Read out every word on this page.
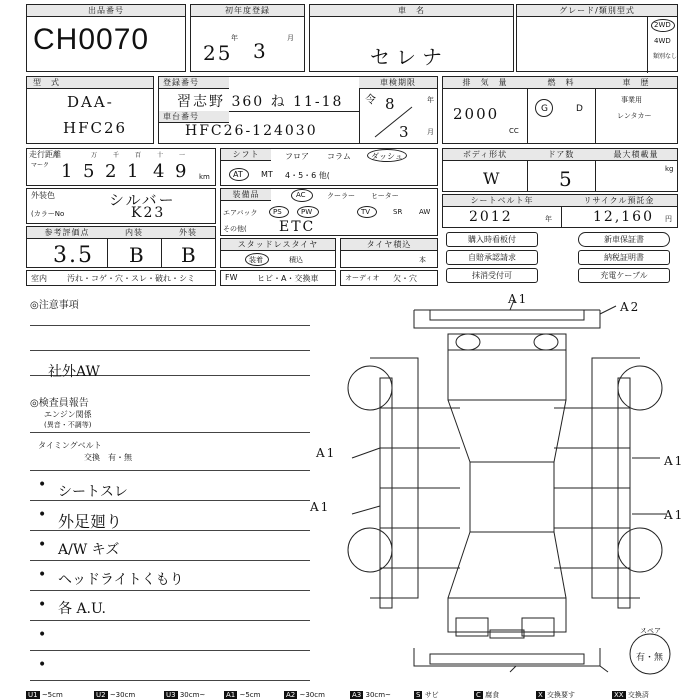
出品番号
CH0070
初年度登録
25
年
3
月
車　名
セレナ
グレード/類別型式
2WD
4WD
類別なし
型　式
DAA-
HFC26
登録番号
習志野 360 ね 11-18
車台番号
HFC26-124030
車検期限
令 8	年
3 月
排　気　量
2000
CC
燃　料
G	D
車　歴
事業用
レンタカー
走行距離
マーク 1 5 2 1 4 9
万	千	百	十	一
km
シフト	フロア コラム	ダッシュ
AT MT 4・5・6 他(
ボディ形状
W
ドア数
5
最大積載量
kg
外装色	シルバー
(カラーNo	K23
装備品	AC	クーラー ヒーター
エアバック PS	PW	TV	SR AW
その他( ETC
シートベルト年
2012	年
リサイクル預託金
12,160 円
参考評価点
3.5
内装
B
外装
B	スタッドレスタイヤ
装着	積込
タイヤ積込
本
購入時看板付
自賠承認請求
抹消受付可
新車保証書
納税証明書
充電ケーブル
室内	汚れ・コゲ・穴・スレ・破れ・シミ	FW ヒビ・A・交換車	オーディオ 欠・穴
◎注意事項
社外AW
◎検査員報告
エンジン関係
(異音・不調等)
タイミングベルト
交換　有・無
•
•
•
•
•
•
•
シートスレ
外足廻り
A/W キズ
ヘッドライトくもり
各 A.U.
A1
A2
A1
A1
A1
A1
スペア
有・無
U1 ~5cm	U2 ~30cm	U3 30cm~	A1 ~5cm	A2 ~30cm	A3 30cm~	S サビ	C 腐食	X 交換要す	XX 交換済
